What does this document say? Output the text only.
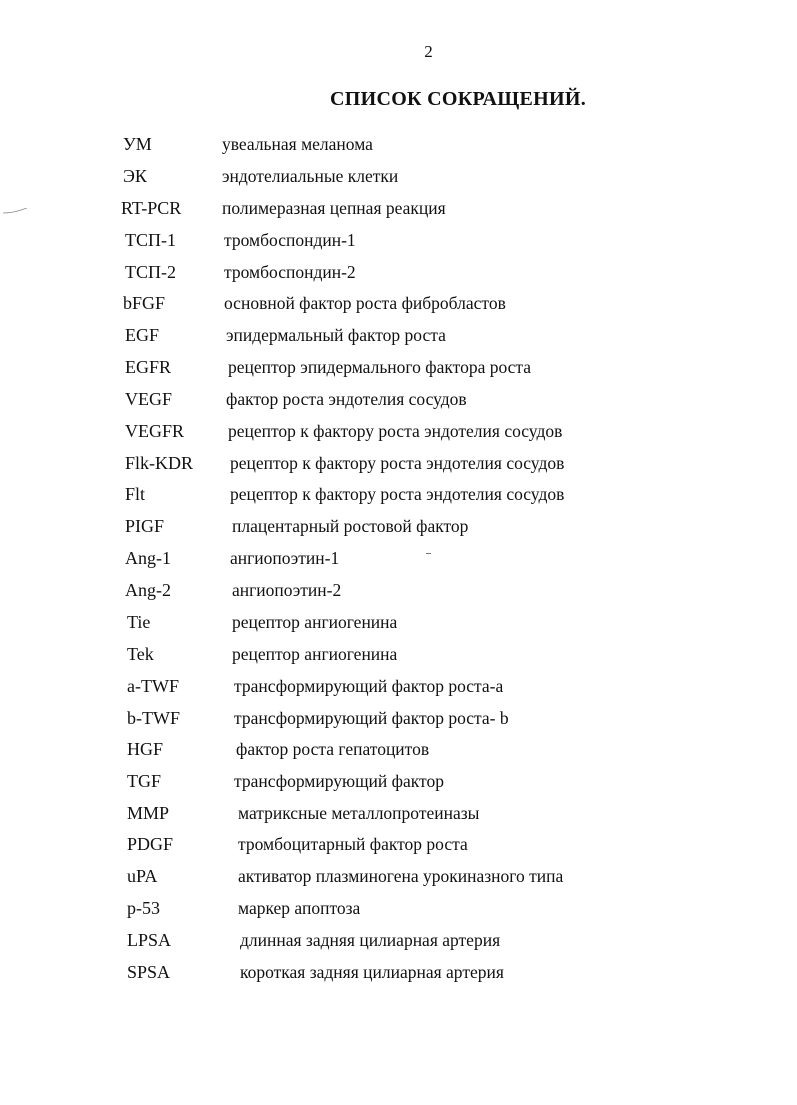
2
СПИСОК СОКРАЩЕНИЙ.
УМ	увеальная меланома
ЭК	эндотелиальные клетки
RT-PCR полимеразная цепная реакция
ТСП-1	тромбоспондин-1
ТСП-2	тромбоспондин-2
bFGF	основной фактор роста фибробластов
EGF	эпидермальный фактор роста
EGFR	рецептор эпидермального фактора роста
VEGF	фактор роста эндотелия сосудов
VEGFR	рецептор к фактору роста эндотелия сосудов
Flk-KDR рецептор к фактору роста эндотелия сосудов
Flt	рецептор к фактору роста эндотелия сосудов
PIGF	плацентарный ростовой фактор
Ang-1	ангиопоэтин-1
Ang-2	ангиопоэтин-2
Tie	рецептор ангиогенина
Tek	рецептор ангиогенина
a-TWF	трансформирующий фактор роста-а
b-TWF	трансформирующий фактор роста- b
HGF	фактор роста гепатоцитов
TGF	трансформирующий фактор
MMP	матриксные металлопротеиназы
PDGF	тромбоцитарный фактор роста
uPA	активатор плазминогена урокиназного типа
p-53	маркер апоптоза
LPSA	длинная задняя цилиарная артерия
SPSA	короткая задняя цилиарная артерия
